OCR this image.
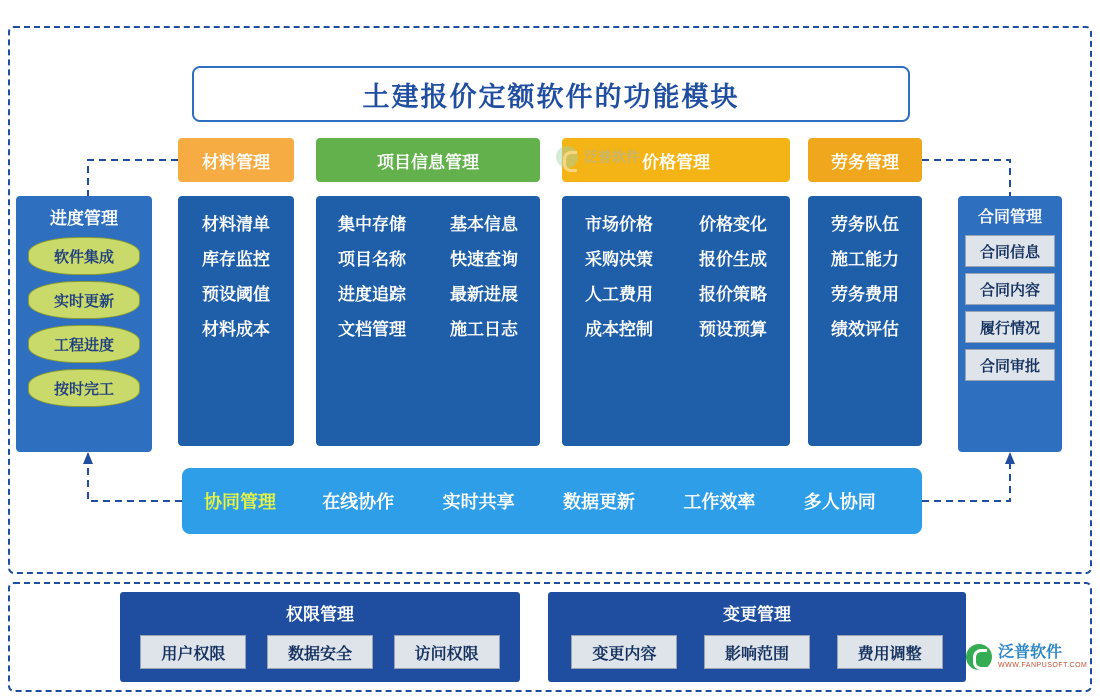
土建报价定额软件的功能模块
材料管理	项目信息管理	价格管理	劳务管理
材料清单
库存监控
预设阈值
材料成本
集中存储	基本信息
项目名称	快速查询
进度追踪	最新进展
文档管理	施工日志
市场价格	价格变化
采购决策	报价生成
人工费用	报价策略
成本控制	预设预算
劳务队伍
施工能力
劳务费用
绩效评估
进度管理
软件集成
实时更新
工程进度
按时完工
合同管理
合同信息
合同内容
履行情况
合同审批
协同管理	在线协作	实时共享	数据更新	工作效率	多人协同
权限管理
用户权限	数据安全	访问权限
变更管理
变更内容	影响范围	费用调整
泛普软件
泛普软件
WWW.FANPUSOFT.COM
